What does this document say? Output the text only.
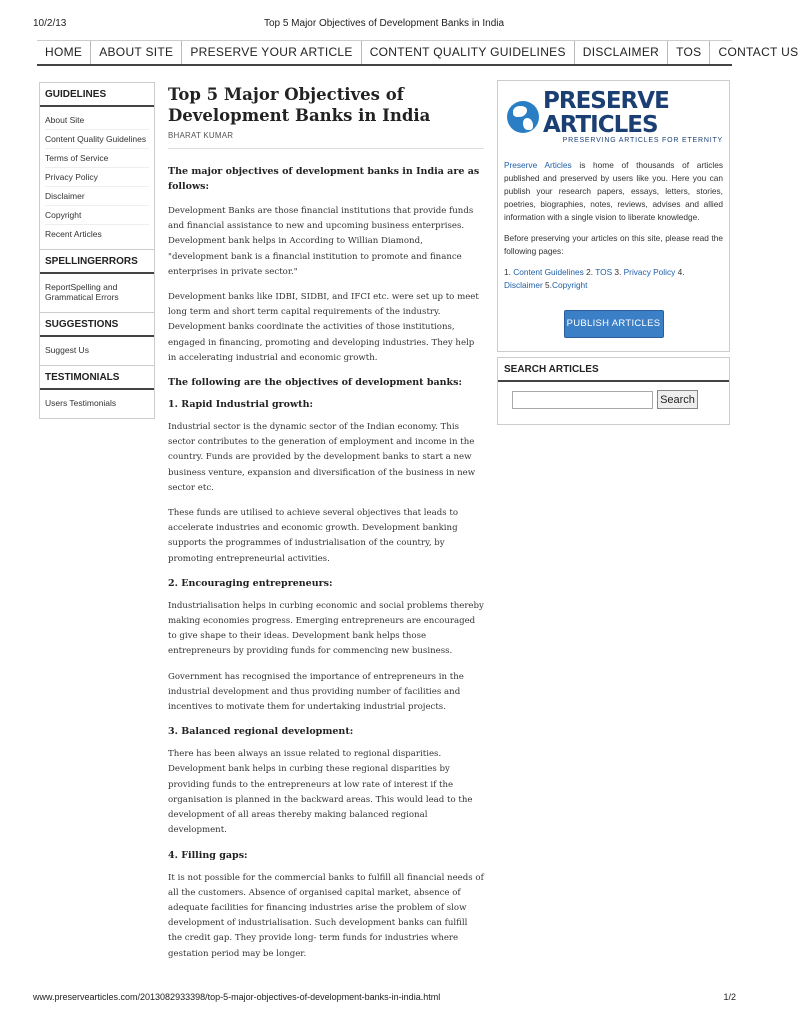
10/2/13	Top 5 Major Objectives of Development Banks in India
HOME	ABOUT SITE	PRESERVE YOUR ARTICLE	CONTENT QUALITY GUIDELINES	DISCLAIMER	TOS	CONTACT US
GUIDELINES
About Site
Content Quality Guidelines
Terms of Service
Privacy Policy
Disclaimer
Copyright
Recent Articles
SPELLINGERRORS
ReportSpelling and Grammatical Errors
SUGGESTIONS
Suggest Us
TESTIMONIALS
Users Testimonials
Top 5 Major Objectives of Development Banks in India
BHARAT KUMAR
The major objectives of development banks in India are as follows:

Development Banks are those financial institutions that provide funds and financial assistance to new and upcoming business enterprises. Development bank helps in According to Willian Diamond, "development bank is a financial institution to promote and finance enterprises in private sector."

Development banks like IDBI, SIDBI, and IFCI etc. were set up to meet long term and short term capital requirements of the industry. Development banks coordinate the activities of those institutions, engaged in financing, promoting and developing industries. They help in accelerating industrial and economic growth.

The following are the objectives of development banks:
1. Rapid Industrial growth:

Industrial sector is the dynamic sector of the Indian economy. This sector contributes to the generation of employment and income in the country. Funds are provided by the development banks to start a new business venture, expansion and diversification of the business in new sector etc.

These funds are utilised to achieve several objectives that leads to accelerate industries and economic growth. Development banking supports the programmes of industrialisation of the country, by promoting entrepreneurial activities.

2. Encouraging entrepreneurs:

Industrialisation helps in curbing economic and social problems thereby making economies progress. Emerging entrepreneurs are encouraged to give shape to their ideas. Development bank helps those entrepreneurs by providing funds for commencing new business.

Government has recognised the importance of entrepreneurs in the industrial development and thus providing number of facilities and incentives to motivate them for undertaking industrial projects.

3. Balanced regional development:

There has been always an issue related to regional disparities. Development bank helps in curbing these regional disparities by providing funds to the entrepreneurs at low rate of interest if the organisation is planned in the backward areas. This would lead to the development of all areas thereby making balanced regional development.

4. Filling gaps:

It is not possible for the commercial banks to fulfill all financial needs of all the customers. Absence of organised capital market, absence of adequate facilities for financing industries arise the problem of slow development of industrialisation. Such development banks can fulfill the credit gap. They provide long- term funds for industries where gestation period may be longer.

PRESERVE ARTICLES
PRESERVING ARTICLES FOR ETERNITY

Preserve Articles is home of thousands of articles published and preserved by users like you. Here you can publish your research papers, essays, letters, stories, poetries, biographies, notes, reviews, advises and allied information with a single vision to liberate knowledge.

Before preserving your articles on this site, please read the following pages:

1. Content Guidelines 2. TOS 3. Privacy Policy 4.
Disclaimer 5.Copyright

PUBLISH ARTICLES
SEARCH ARTICLES
Search
www.preservearticles.com/2013082933398/top-5-major-objectives-of-development-banks-in-india.html	1/2
